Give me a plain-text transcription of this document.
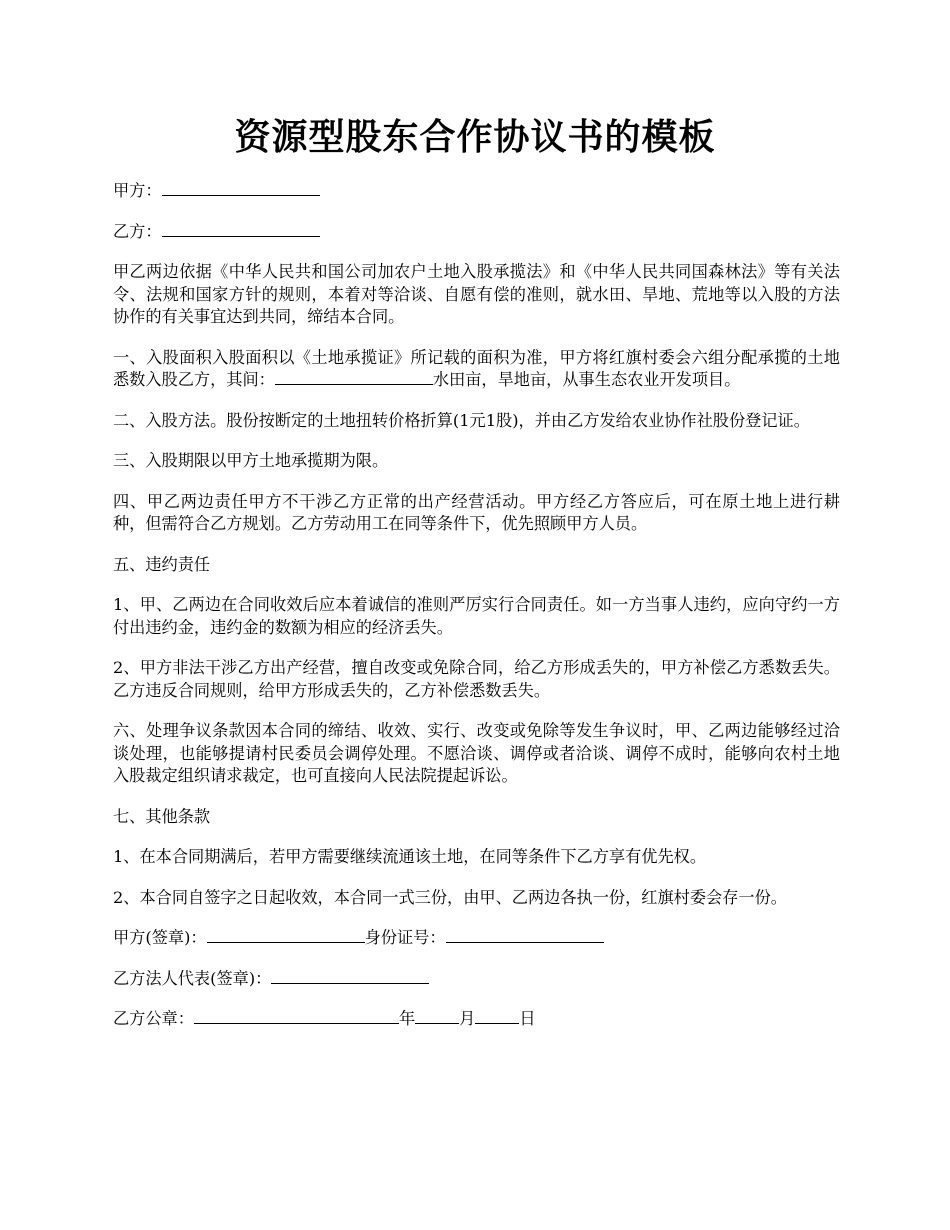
资源型股东合作协议书的模板

甲方：

乙方：

甲乙两边依据《中华人民共和国公司加农户土地入股承揽法》和《中华人民共同国森林法》等有关法令、法规和国家方针的规则，本着对等洽谈、自愿有偿的准则，就水田、旱地、荒地等以入股的方法协作的有关事宜达到共同，缔结本合同。

一、入股面积入股面积以《土地承揽证》所记载的面积为准，甲方将红旗村委会六组分配承揽的土地悉数入股乙方，其间：	水田亩，旱地亩，从事生态农业开发项目。

二、入股方法。股份按断定的土地扭转价格折算(1元1股)，并由乙方发给农业协作社股份登记证。

三、入股期限以甲方土地承揽期为限。

四、甲乙两边责任甲方不干涉乙方正常的出产经营活动。甲方经乙方答应后，可在原土地上进行耕种，但需符合乙方规划。乙方劳动用工在同等条件下，优先照顾甲方人员。

五、违约责任

1、甲、乙两边在合同收效后应本着诚信的准则严厉实行合同责任。如一方当事人违约，应向守约一方付出违约金，违约金的数额为相应的经济丢失。

2、甲方非法干涉乙方出产经营，擅自改变或免除合同，给乙方形成丢失的，甲方补偿乙方悉数丢失。乙方违反合同规则，给甲方形成丢失的，乙方补偿悉数丢失。

六、处理争议条款因本合同的缔结、收效、实行、改变或免除等发生争议时，甲、乙两边能够经过洽谈处理，也能够提请村民委员会调停处理。不愿洽谈、调停或者洽谈、调停不成时，能够向农村土地入股裁定组织请求裁定，也可直接向人民法院提起诉讼。

七、其他条款

1、在本合同期满后，若甲方需要继续流通该土地，在同等条件下乙方享有优先权。

2、本合同自签字之日起收效，本合同一式三份，由甲、乙两边各执一份，红旗村委会存一份。

甲方(签章)：	身份证号：

乙方法人代表(签章)：

乙方公章：	年	月	日
